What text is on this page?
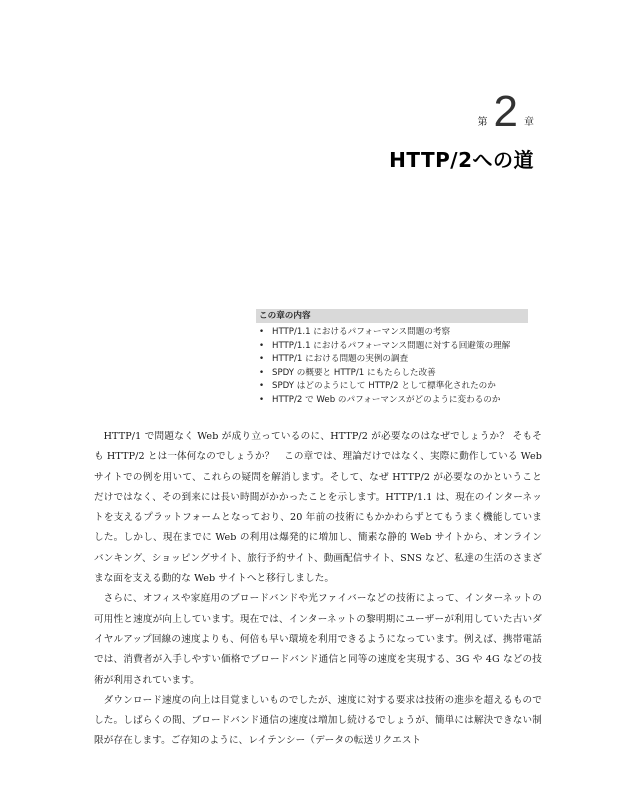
第 2 章
HTTP/2への道
この章の内容
• HTTP/1.1 におけるパフォーマンス問題の考察
• HTTP/1.1 におけるパフォーマンス問題に対する回避策の理解
• HTTP/1 における問題の実例の調査
• SPDY の概要と HTTP/1 にもたらした改善
• SPDY はどのようにして HTTP/2 として標準化されたのか
• HTTP/2 で Web のパフォーマンスがどのように変わるのか

HTTP/1 で問題なく Web が成り立っているのに、HTTP/2 が必要なのはなぜでしょうか？ そもそも HTTP/2 とは一体何なのでしょうか？　この章では、理論だけではなく、実際に動作している Web サイトでの例を用いて、これらの疑問を解消します。そして、なぜ HTTP/2 が必要なのかということだけではなく、その到来には長い時間がかかったことを示します。HTTP/1.1 は、現在のインターネットを支えるプラットフォームとなっており、20 年前の技術にもかかわらずとてもうまく機能していました。しかし、現在までに Web の利用は爆発的に増加し、簡素な静的 Web サイトから、オンラインバンキング、ショッピングサイト、旅行予約サイト、動画配信サイト、SNS など、私達の生活のさまざまな面を支える動的な Web サイトへと移行しました。

さらに、オフィスや家庭用のブロードバンドや光ファイバーなどの技術によって、インターネットの可用性と速度が向上しています。現在では、インターネットの黎明期にユーザーが利用していた古いダイヤルアップ回線の速度よりも、何倍も早い環境を利用できるようになっています。例えば、携帯電話では、消費者が入手しやすい価格でブロードバンド通信と同等の速度を実現する、3G や 4G などの技術が利用されています。

ダウンロード速度の向上は目覚ましいものでしたが、速度に対する要求は技術の進歩を超えるものでした。しばらくの間、ブロードバンド通信の速度は増加し続けるでしょうが、簡単には解決できない制限が存在します。ご存知のように、レイテンシー（データの転送リクエスト
